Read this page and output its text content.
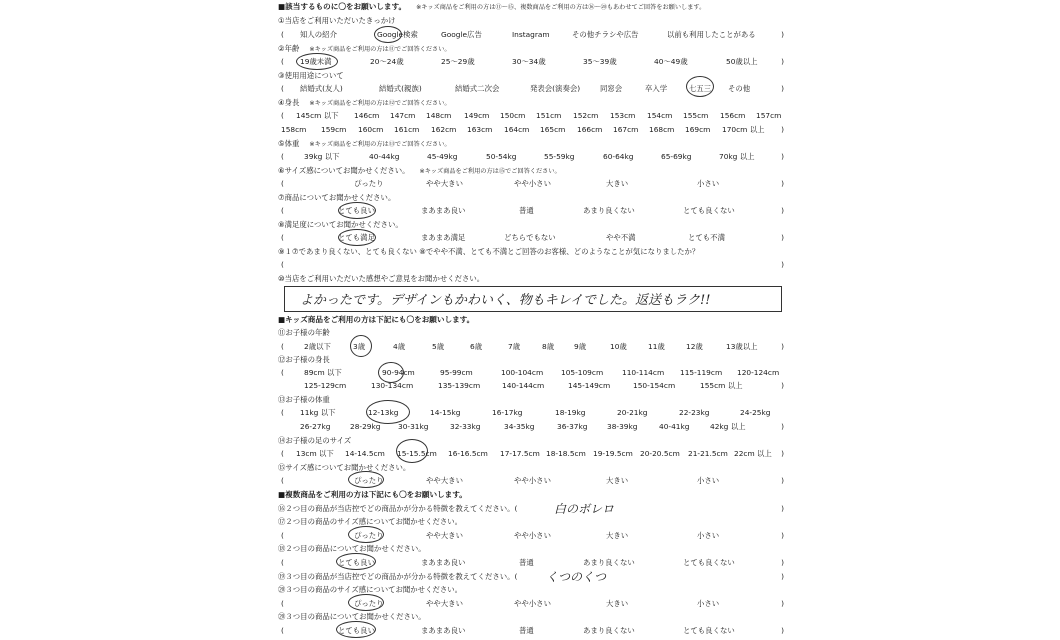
■該当するものに〇をお願いします。 ※キッズ商品をご利用の方は⑪〜⑮、複数商品をご利用の方は⑯〜⑳もあわせてご回答をお願いします。
①当店をご利用いただいたきっかけ
( 知人の紹介	Google検索	Google広告	Instagram	その他チラシや広告	以前も利用したことがある	)
②年齢 ※キッズ商品をご利用の方は⑪でご回答ください。
( 19歳未満	20〜24歳	25〜29歳	30〜34歳	35〜39歳	40〜49歳	50歳以上	)
③使用用途について
( 結婚式(友人)	結婚式(親族)	結婚式二次会	発表会(演奏会)	同窓会	卒入学	七五三 その他	)
④身長 ※キッズ商品をご利用の方は⑫でご回答ください。
( 145cm 以下 146cm 147cm 148cm 149cm 150cm 151cm 152cm 153cm 154cm 155cm 156cm 157cm
158cm 159cm 160cm 161cm 162cm 163cm 164cm 165cm 166cm 167cm 168cm 169cm 170cm 以上 )
⑤体重 ※キッズ商品をご利用の方は⑬でご回答ください。
(	39kg 以下	40-44kg	45-49kg	50-54kg	55-59kg	60-64kg	65-69kg	70kg 以上	)
⑥サイズ感についてお聞かせください。 ※キッズ商品をご利用の方は⑮でご回答ください。
(	ぴったり	やや大きい	やや小さい	大きい	小さい	)
⑦商品についてお聞かせください。
(	とても良い	まあまあ良い	普通	あまり良くない	とても良くない	)
⑧満足度についてお聞かせください。
(	とても満足	まあまあ満足	どちらでもない	やや不満	とても不満	)
⑨１⑦であまり良くない、とても良くない ⑧でやや不満、とても不満とご回答のお客様、どのようなことが気になりましたか？
(	)
⑩当店をご利用いただいた感想やご意見をお聞かせください。
よかったです。デザインもかわいく、物もキレイでした。返送もラク!!
■キッズ商品をご利用の方は下記にも〇をお願いします。
⑪お子様の年齢
(	2歳以下	3歳	4歳	5歳	6歳	7歳	8歳	9歳	10歳	11歳	12歳	13歳以上	)
⑫お子様の身長
(	89cm 以下	90-94cm	95-99cm	100-104cm 105-109cm	110-114cm 115-119cm 120-124cm
125-129cm	130-134cm	135-139cm	140-144cm	145-149cm	150-154cm	155cm 以上	)
⑬お子様の体重
( 11kg 以下	12-13kg	14-15kg	16-17kg	18-19kg	20-21kg	22-23kg	24-25kg
26-27kg	28-29kg 30-31kg	32-33kg	34-35kg	36-37kg	38-39kg	40-41kg	42kg 以上	)
⑭お子様の足のサイズ
( 13cm 以下 14-14.5cm 15-15.5cm 16-16.5cm 17-17.5cm 18-18.5cm 19-19.5cm 20-20.5cm 21-21.5cm 22cm 以上 )
⑮サイズ感についてお聞かせください。
(	ぴったり	やや大きい	やや小さい	大きい	小さい	)
■複数商品をご利用の方は下記にも〇をお願いします。
⑯２つ目の商品が当店控でどの商品かが分かる特徴を教えてください。(	白のボレロ	)
⑰２つ目の商品のサイズ感についてお聞かせください。
(	ぴったり	やや大きい	やや小さい	大きい	小さい	)
⑱２つ目の商品についてお聞かせください。
(	とても良い	まあまあ良い	普通	あまり良くない	とても良くない	)
⑲３つ目の商品が当店控でどの商品かが分かる特徴を教えてください。( くつのくつ	)
⑳３つ目の商品のサイズ感についてお聞かせください。
(	ぴったり	やや大きい	やや小さい	大きい	小さい	)
⑳３つ目の商品についてお聞かせください。
(	とても良い	まあまあ良い	普通	あまり良くない	とても良くない	)
